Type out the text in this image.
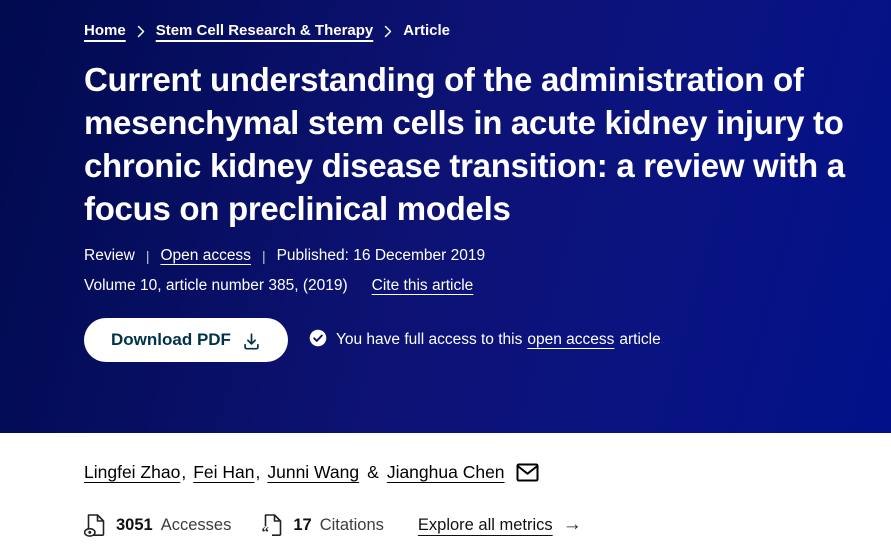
Home Stem Cell Research & Therapy Article
Current understanding of the administration of mesenchymal stem cells in acute kidney injury to chronic kidney disease transition: a review with a focus on preclinical models
Review | Open access | Published: 16 December 2019
Volume 10, article number 385, (2019) Cite this article
Download PDF	You have full access to this open access article
Lingfei Zhao , Fei Han , Junni Wang & Jianghua Chen
3051 Accesses “ 17 Citations Explore all metrics →
